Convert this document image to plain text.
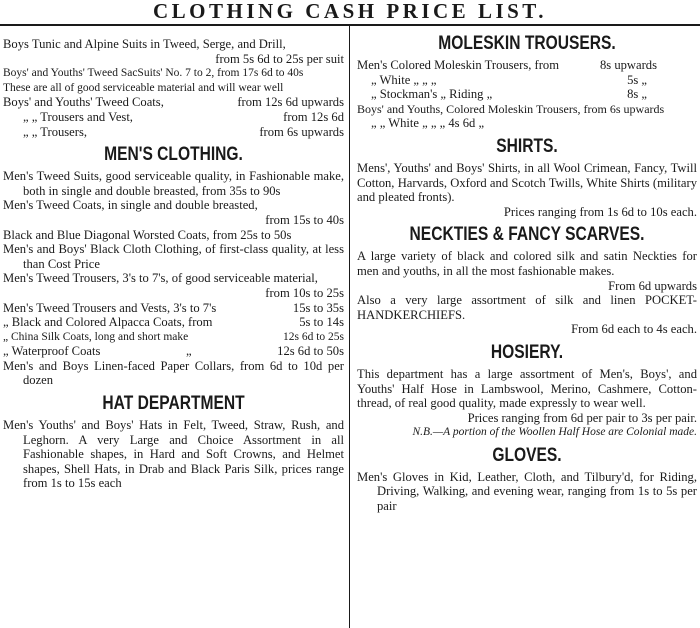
CLOTHING CASH PRICE LIST.

Boys Tunic and Alpine Suits in Tweed, Serge, and Drill,

from 5s 6d to 25s per suit

Boys' and Youths' Tweed SacSuits' No. 7 to 2, from 17s 6d to 40s

These are all of good serviceable material and will wear well

Boys' and Youths' Tweed Coats,	from 12s 6d upwards
„ „ Trousers and Vest,	from 12s 6d
„ „ Trousers,	from 6s upwards
MEN'S CLOTHING.

Men's Tweed Suits, good serviceable quality, in Fashionable make, both in single and double breasted, from 35s to 90s

Men's Tweed Coats, in single and double breasted,

from 15s to 40s

Black and Blue Diagonal Worsted Coats, from 25s to 50s

Men's and Boys' Black Cloth Clothing, of first-class quality, at less than Cost Price

Men's Tweed Trousers, 3's to 7's, of good serviceable material,

from 10s to 25s

Men's Tweed Trousers and Vests, 3's to 7's	15s to 35s
„ Black and Colored Alpacca Coats, from	5s to 14s
„ China Silk Coats, long and short make	12s 6d to 25s
„ Waterproof Coats	„	12s 6d to 50s

Men's and Boys Linen-faced Paper Collars, from 6d to 10d per dozen

HAT DEPARTMENT

Men's Youths' and Boys' Hats in Felt, Tweed, Straw, Rush, and Leghorn. A very Large and Choice Assortment in all Fashionable shapes, in Hard and Soft Crowns, and Helmet shapes, Shell Hats, in Drab and Black Paris Silk, prices range from 1s to 15s each

MOLESKIN TROUSERS.
Men's Colored Moleskin Trousers, from	8s upwards
„ White „ „ „	5s „
„ Stockman's „ Riding „	8s „

Boys' and Youths, Colored Moleskin Trousers, from 6s upwards

„ „ White „ „ „ 4s 6d „

SHIRTS.

Mens', Youths' and Boys' Shirts, in all Wool Crimean, Fancy, Twill Cotton, Harvards, Oxford and Scotch Twills, White Shirts (military and pleated fronts).

Prices ranging from 1s 6d to 10s each.

NECKTIES & FANCY SCARVES.

A large variety of black and colored silk and satin Neckties for men and youths, in all the most fashionable makes.

From 6d upwards

Also a very large assortment of silk and linen POCKET-HANDKERCHIEFS.

From 6d each to 4s each.

HOSIERY.

This department has a large assortment of Men's, Boys', and Youths' Half Hose in Lambswool, Merino, Cashmere, Cotton-thread, of real good quality, made expressly to wear well.

Prices ranging from 6d per pair to 3s per pair.

N.B.—A portion of the Woollen Half Hose are Colonial made.

GLOVES.

Men's Gloves in Kid, Leather, Cloth, and Tilbury'd, for Riding, Driving, Walking, and evening wear, ranging from 1s to 5s per pair
